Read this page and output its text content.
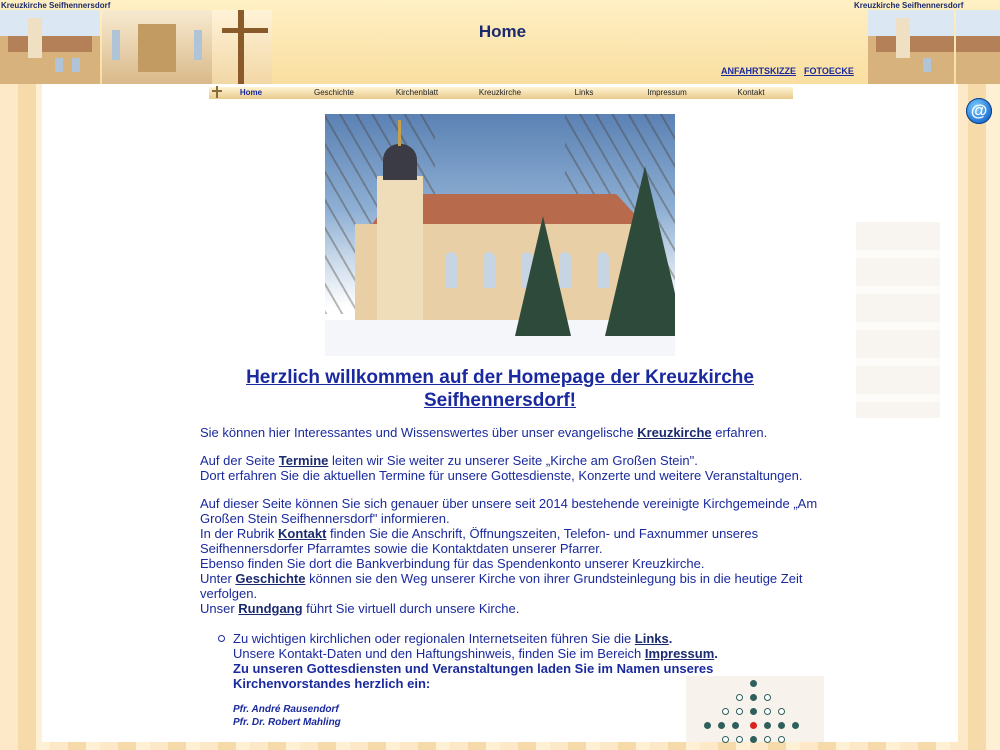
Kreuzkirche Seifhennersdorf	Kreuzkirche Seifhennersdorf
Home
ANFAHRTSKIZZE FOTOECKE
Home	Geschichte	Kirchenblatt	Kreuzkirche	Links	Impressum	Kontakt
Herzlich willkommen auf der Homepage der Kreuzkirche Seifhennersdorf!

Sie können hier Interessantes und Wissenswertes über unser evangelische Kreuzkirche erfahren.

Auf der Seite Termine leiten wir Sie weiter zu unserer Seite „Kirche am Großen Stein".
Dort erfahren Sie die aktuellen Termine für unsere Gottesdienste, Konzerte und weitere Veranstaltungen.

Auf dieser Seite können Sie sich genauer über unsere seit 2014 bestehende vereinigte Kirchgemeinde „Am Großen Stein Seifhennersdorf" informieren.
In der Rubrik Kontakt finden Sie die Anschrift, Öffnungszeiten, Telefon- und Faxnummer unseres Seifhennersdorfer Pfarramtes sowie die Kontaktdaten unserer Pfarrer.
Ebenso finden Sie dort die Bankverbindung für das Spendenkonto unserer Kreuzkirche.
Unter Geschichte können sie den Weg unserer Kirche von ihrer Grundsteinlegung bis in die heutige Zeit verfolgen.
Unser Rundgang führt Sie virtuell durch unsere Kirche.

Zu wichtigen kirchlichen oder regionalen Internetseiten führen Sie die Links.
Unsere Kontakt-Daten und den Haftungshinweis, finden Sie im Bereich Impressum.
Zu unseren Gottesdiensten und Veranstaltungen laden Sie im Namen unseres Kirchenvorstandes herzlich ein:
Pfr. André Rausendorf
Pfr. Dr. Robert Mahling
@
